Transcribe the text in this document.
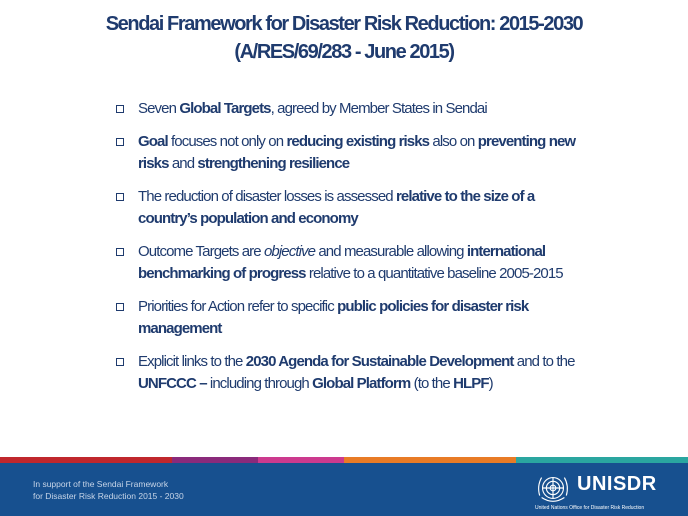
Sendai Framework for Disaster Risk Reduction: 2015-2030
(A/RES/69/283 - June 2015)
Seven Global Targets, agreed by Member States in Sendai
Goal focuses not only on reducing existing risks also on preventing new risks and strengthening resilience
The reduction of disaster losses is assessed relative to the size of a country’s population and economy
Outcome Targets are objective and measurable allowing international benchmarking of progress relative to a quantitative baseline 2005-2015
Priorities for Action refer to specific public policies for disaster risk management
Explicit links to the 2030 Agenda for Sustainable Development and to the UNFCCC – including through Global Platform (to the HLPF)
In support of the Sendai Framework
for Disaster Risk Reduction 2015 - 2030
UNISDR
United Nations Office for Disaster Risk Reduction
